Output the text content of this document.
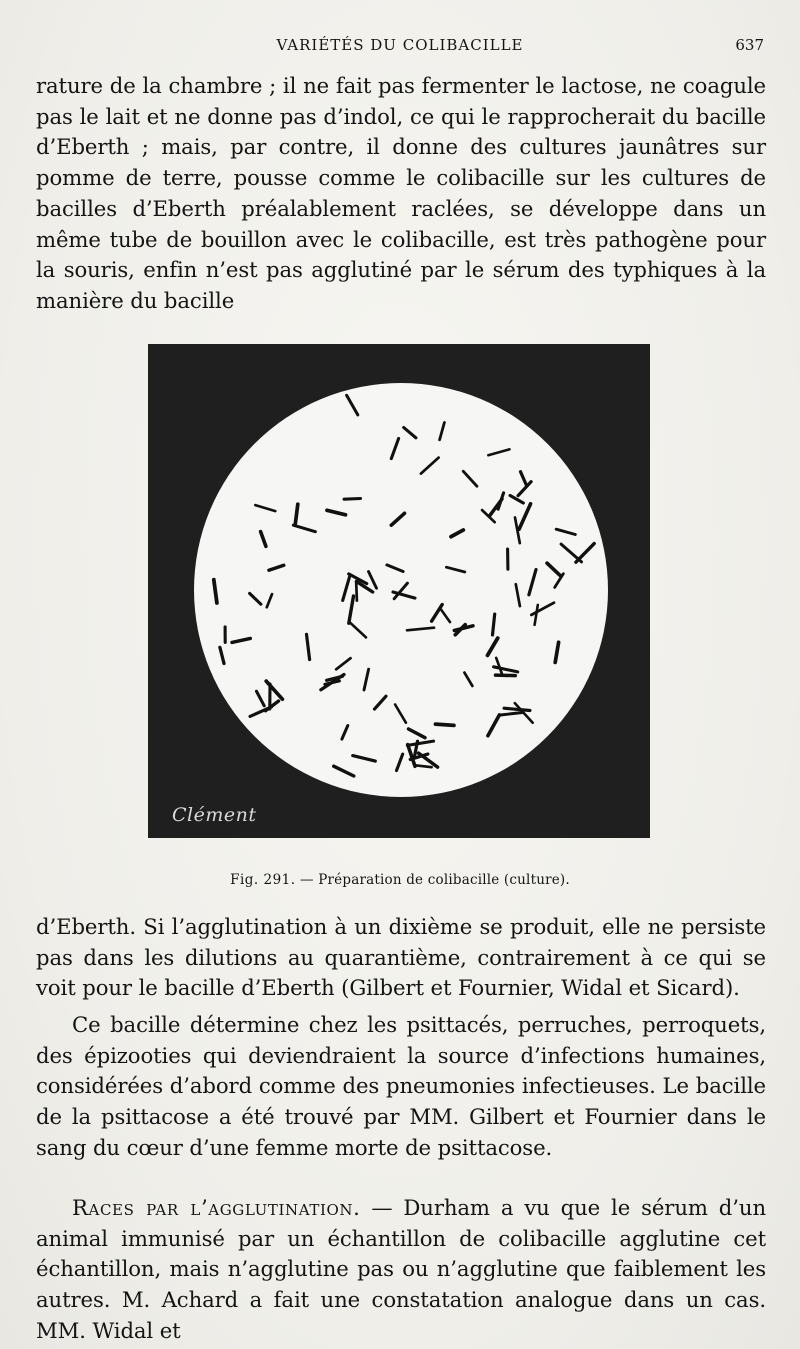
VARIÉTÉS DU COLIBACILLE	637

rature de la chambre ; il ne fait pas fermenter le lactose, ne coagule pas le lait et ne donne pas d’indol, ce qui le rapprocherait du bacille d’Eberth ; mais, par contre, il donne des cultures jaunâtres sur pomme de terre, pousse comme le colibacille sur les cultures de bacilles d’Eberth préalablement raclées, se développe dans un même tube de bouillon avec le colibacille, est très pathogène pour la souris, enfin n’est pas agglutiné par le sérum des typhiques à la manière du bacille

Clément
Fig. 291. — Préparation de colibacille (culture).

d’Eberth. Si l’agglutination à un dixième se produit, elle ne persiste pas dans les dilutions au quarantième, contrairement à ce qui se voit pour le bacille d’Eberth (Gilbert et Fournier, Widal et Sicard).

Ce bacille détermine chez les psittacés, perruches, perroquets, des épizooties qui deviendraient la source d’infections humaines, considérées d’abord comme des pneumonies infectieuses. Le bacille de la psittacose a été trouvé par MM. Gilbert et Fournier dans le sang du cœur d’une femme morte de psittacose.

Races par l’agglutination. — Durham a vu que le sérum d’un animal immunisé par un échantillon de colibacille agglutine cet échantillon, mais n’agglutine pas ou n’agglutine que faiblement les autres. M. Achard a fait une constatation analogue dans un cas. MM. Widal et
